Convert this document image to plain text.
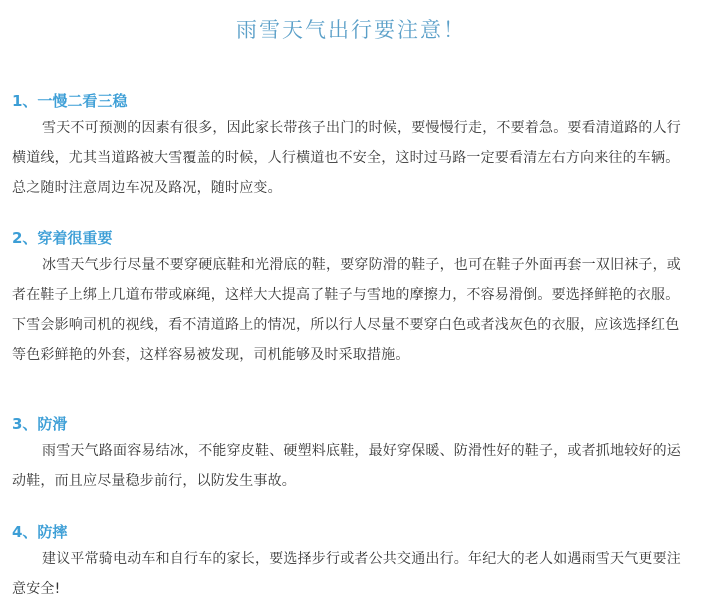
雨雪天气出行要注意！
1、一慢二看三稳

雪天不可预测的因素有很多，因此家长带孩子出门的时候，要慢慢行走，不要着急。要看清道路的人行横道线，尤其当道路被大雪覆盖的时候，人行横道也不安全，这时过马路一定要看清左右方向来往的车辆。总之随时注意周边车况及路况，随时应变。

2、穿着很重要

冰雪天气步行尽量不要穿硬底鞋和光滑底的鞋，要穿防滑的鞋子，也可在鞋子外面再套一双旧袜子，或者在鞋子上绑上几道布带或麻绳，这样大大提高了鞋子与雪地的摩擦力，不容易滑倒。要选择鲜艳的衣服。下雪会影响司机的视线，看不清道路上的情况，所以行人尽量不要穿白色或者浅灰色的衣服，应该选择红色等色彩鲜艳的外套，这样容易被发现，司机能够及时采取措施。

3、防滑

雨雪天气路面容易结冰，不能穿皮鞋、硬塑料底鞋，最好穿保暖、防滑性好的鞋子，或者抓地较好的运动鞋，而且应尽量稳步前行，以防发生事故。

4、防摔

建议平常骑电动车和自行车的家长，要选择步行或者公共交通出行。年纪大的老人如遇雨雪天气更要注意安全!
